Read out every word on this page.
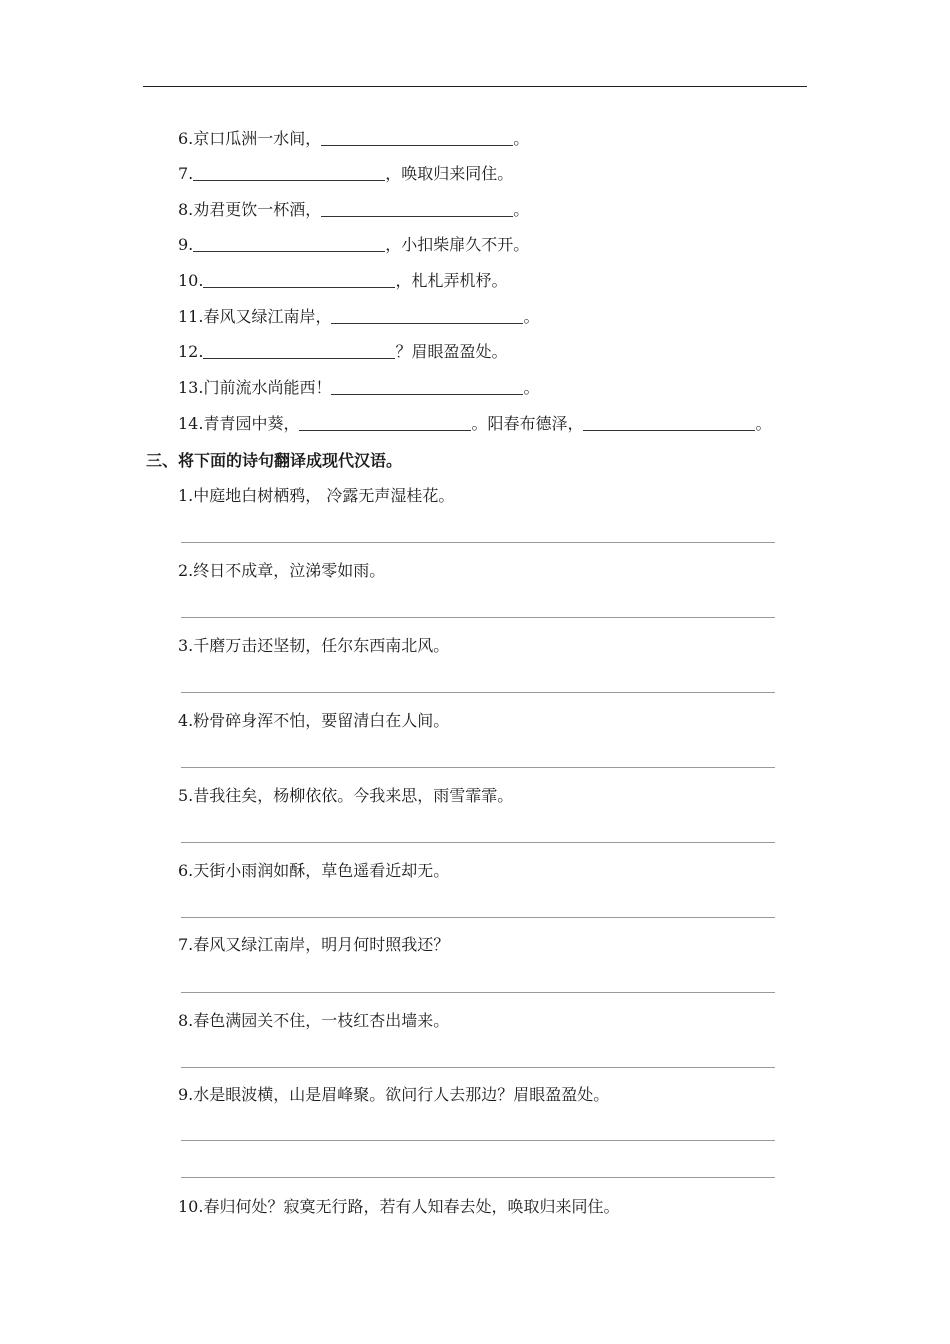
6.京口瓜洲一水间，	。
7.	，唤取归来同住。
8.劝君更饮一杯酒，	。
9.	，小扣柴扉久不开。
10.	，札札弄机杼。
11.春风又绿江南岸，	。
12.	？眉眼盈盈处。
13.门前流水尚能西！	。
14.青青园中葵，	。阳春布德泽，	。
三、将下面的诗句翻译成现代汉语。
1.中庭地白树栖鸦， 冷露无声湿桂花。
2.终日不成章，泣涕零如雨。
3.千磨万击还坚韧，任尔东西南北风。
4.粉骨碎身浑不怕，要留清白在人间。
5.昔我往矣，杨柳依依。今我来思，雨雪霏霏。
6.天街小雨润如酥，草色遥看近却无。
7.春风又绿江南岸，明月何时照我还？
8.春色满园关不住，一枝红杏出墙来。
9.水是眼波横，山是眉峰聚。欲问行人去那边？眉眼盈盈处。
10.春归何处？寂寞无行路，若有人知春去处，唤取归来同住。
